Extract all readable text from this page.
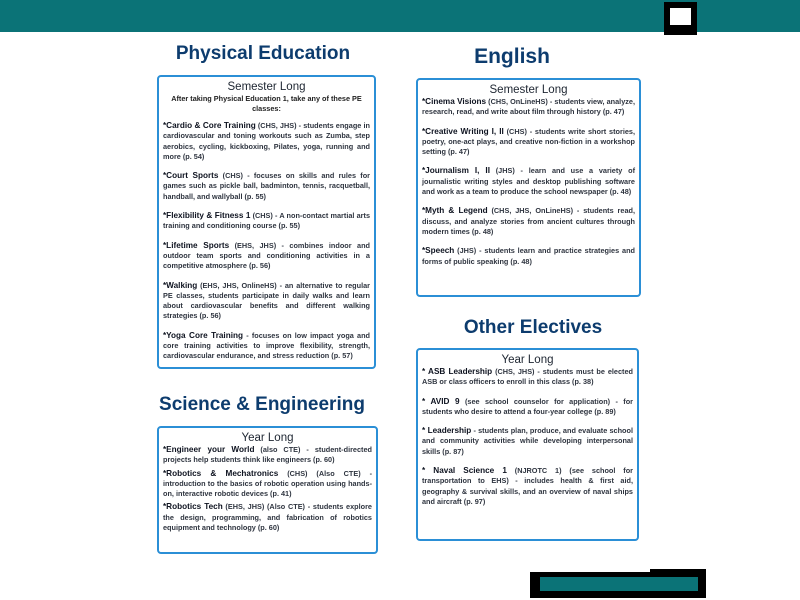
Physical Education

Semester Long

After taking Physical Education 1, take any of these PE classes:

*Cardio & Core Training (CHS, JHS) - students engage in cardiovascular and toning workouts such as Zumba, step aerobics, cycling, kickboxing, Pilates, yoga, running and more (p. 54)

*Court Sports (CHS) - focuses on skills and rules for games such as pickle ball, badminton, tennis, racquetball, handball, and wallyball (p. 55)

*Flexibility & Fitness 1 (CHS) - A non-contact martial arts training and conditioning course (p. 55)

*Lifetime Sports (EHS, JHS) - combines indoor and outdoor team sports and conditioning activities in a competitive atmosphere (p. 56)

*Walking (EHS, JHS, OnlineHS) - an alternative to regular PE classes, students participate in daily walks and learn about cardiovascular benefits and different walking strategies (p. 56)

*Yoga Core Training - focuses on low impact yoga and core training activities to improve flexibility, strength, cardiovascular endurance, and stress reduction (p. 57)

English

Semester Long

*Cinema Visions (CHS, OnLineHS) - students view, analyze, research, read, and write about film through history (p. 47)

*Creative Writing I, II (CHS) - students write short stories, poetry, one-act plays, and creative non-fiction in a workshop setting (p. 47)

*Journalism I, II (JHS) - learn and use a variety of journalistic writing styles and desktop publishing software and work as a team to produce the school newspaper (p. 48)

*Myth & Legend (CHS, JHS, OnLineHS) - students read, discuss, and analyze stories from ancient cultures through modern times (p. 48)

*Speech (JHS) - students learn and practice strategies and forms of public speaking (p. 48)

Other Electives

Year Long

* ASB Leadership (CHS, JHS) - students must be elected ASB or class officers to enroll in this class (p. 38)

* AVID 9 (see school counselor for application) - for students who desire to attend a four-year college (p. 89)

* Leadership - students plan, produce, and evaluate school and community activities while developing interpersonal skills (p. 87)

* Naval Science 1 (NJROTC 1) (see school for transportation to EHS) - includes health & first aid, geography & survival skills, and an overview of naval ships and aircraft (p. 97)

Science & Engineering

Year Long

*Engineer your World (also CTE) - student-directed projects help students think like engineers (p. 60)

*Robotics & Mechatronics (CHS) (Also CTE) - introduction to the basics of robotic operation using hands-on, interactive robotic devices (p. 41)

*Robotics Tech (EHS, JHS) (Also CTE) - students explore the design, programming, and fabrication of robotics equipment and technology (p. 60)
